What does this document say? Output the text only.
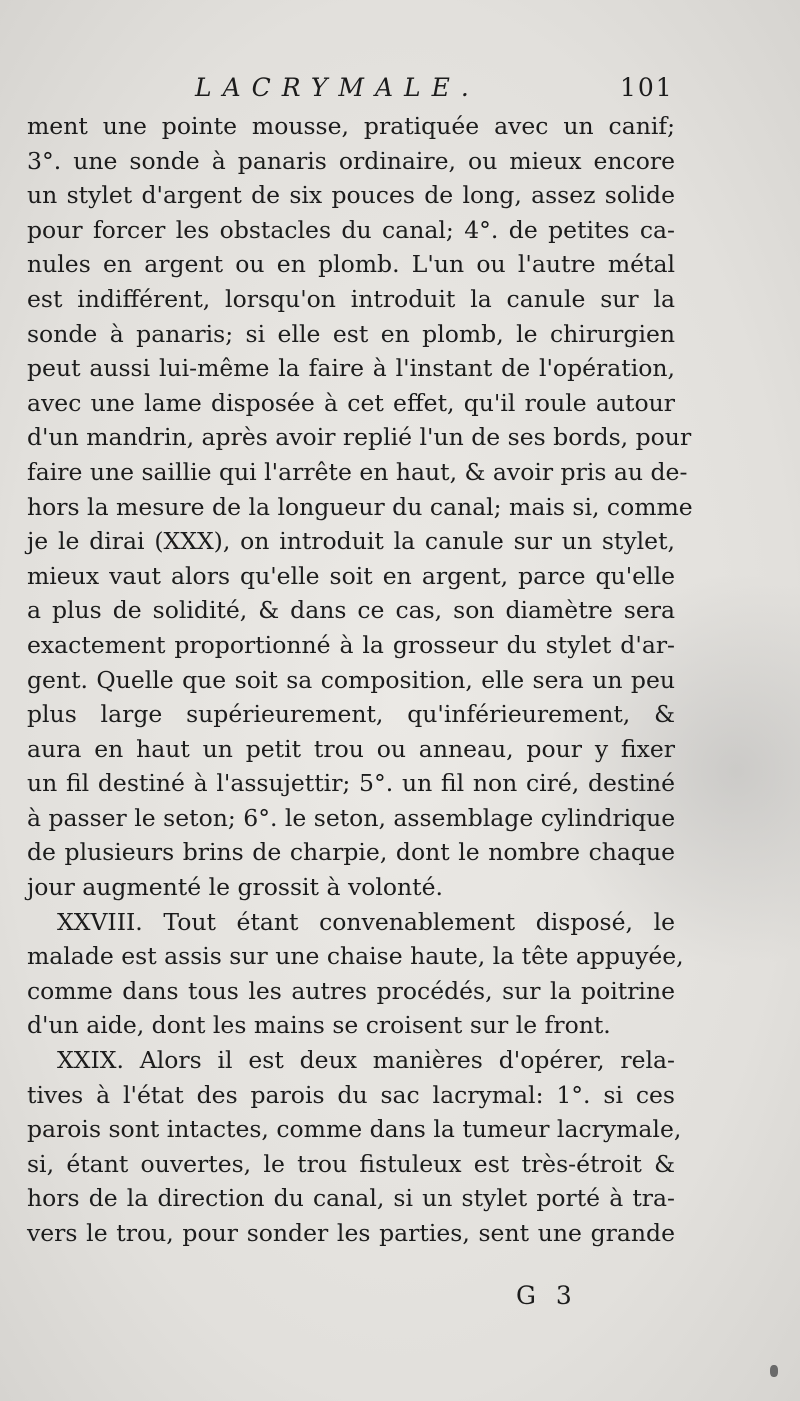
LACRYMALE.	101
ment une pointe mousse, pratiquée avec un canif;
3°. une sonde à panaris ordinaire, ou mieux encore
un stylet d'argent de six pouces de long, assez solide
pour forcer les obstacles du canal; 4°. de petites ca-
nules en argent ou en plomb. L'un ou l'autre métal
est indifférent, lorsqu'on introduit la canule sur la
sonde à panaris; si elle est en plomb, le chirurgien
peut aussi lui-même la faire à l'instant de l'opération,
avec une lame disposée à cet effet, qu'il roule autour
d'un mandrin, après avoir replié l'un de ses bords, pour
faire une saillie qui l'arrête en haut, & avoir pris au de-
hors la mesure de la longueur du canal; mais si, comme
je le dirai (XXX), on introduit la canule sur un stylet,
mieux vaut alors qu'elle soit en argent, parce qu'elle
a plus de solidité, & dans ce cas, son diamètre sera
exactement proportionné à la grosseur du stylet d'ar-
gent. Quelle que soit sa composition, elle sera un peu
plus large supérieurement, qu'inférieurement, &
aura en haut un petit trou ou anneau, pour y fixer
un fil destiné à l'assujettir; 5°. un fil non ciré, destiné
à passer le seton; 6°. le seton, assemblage cylindrique
de plusieurs brins de charpie, dont le nombre chaque
jour augmenté le grossit à volonté.
XXVIII. Tout étant convenablement disposé, le
malade est assis sur une chaise haute, la tête appuyée,
comme dans tous les autres procédés, sur la poitrine
d'un aide, dont les mains se croisent sur le front.
XXIX. Alors il est deux manières d'opérer, rela-
tives à l'état des parois du sac lacrymal: 1°. si ces
parois sont intactes, comme dans la tumeur lacrymale,
si, étant ouvertes, le trou fistuleux est très-étroit &
hors de la direction du canal, si un stylet porté à tra-
vers le trou, pour sonder les parties, sent une grande
G 3
